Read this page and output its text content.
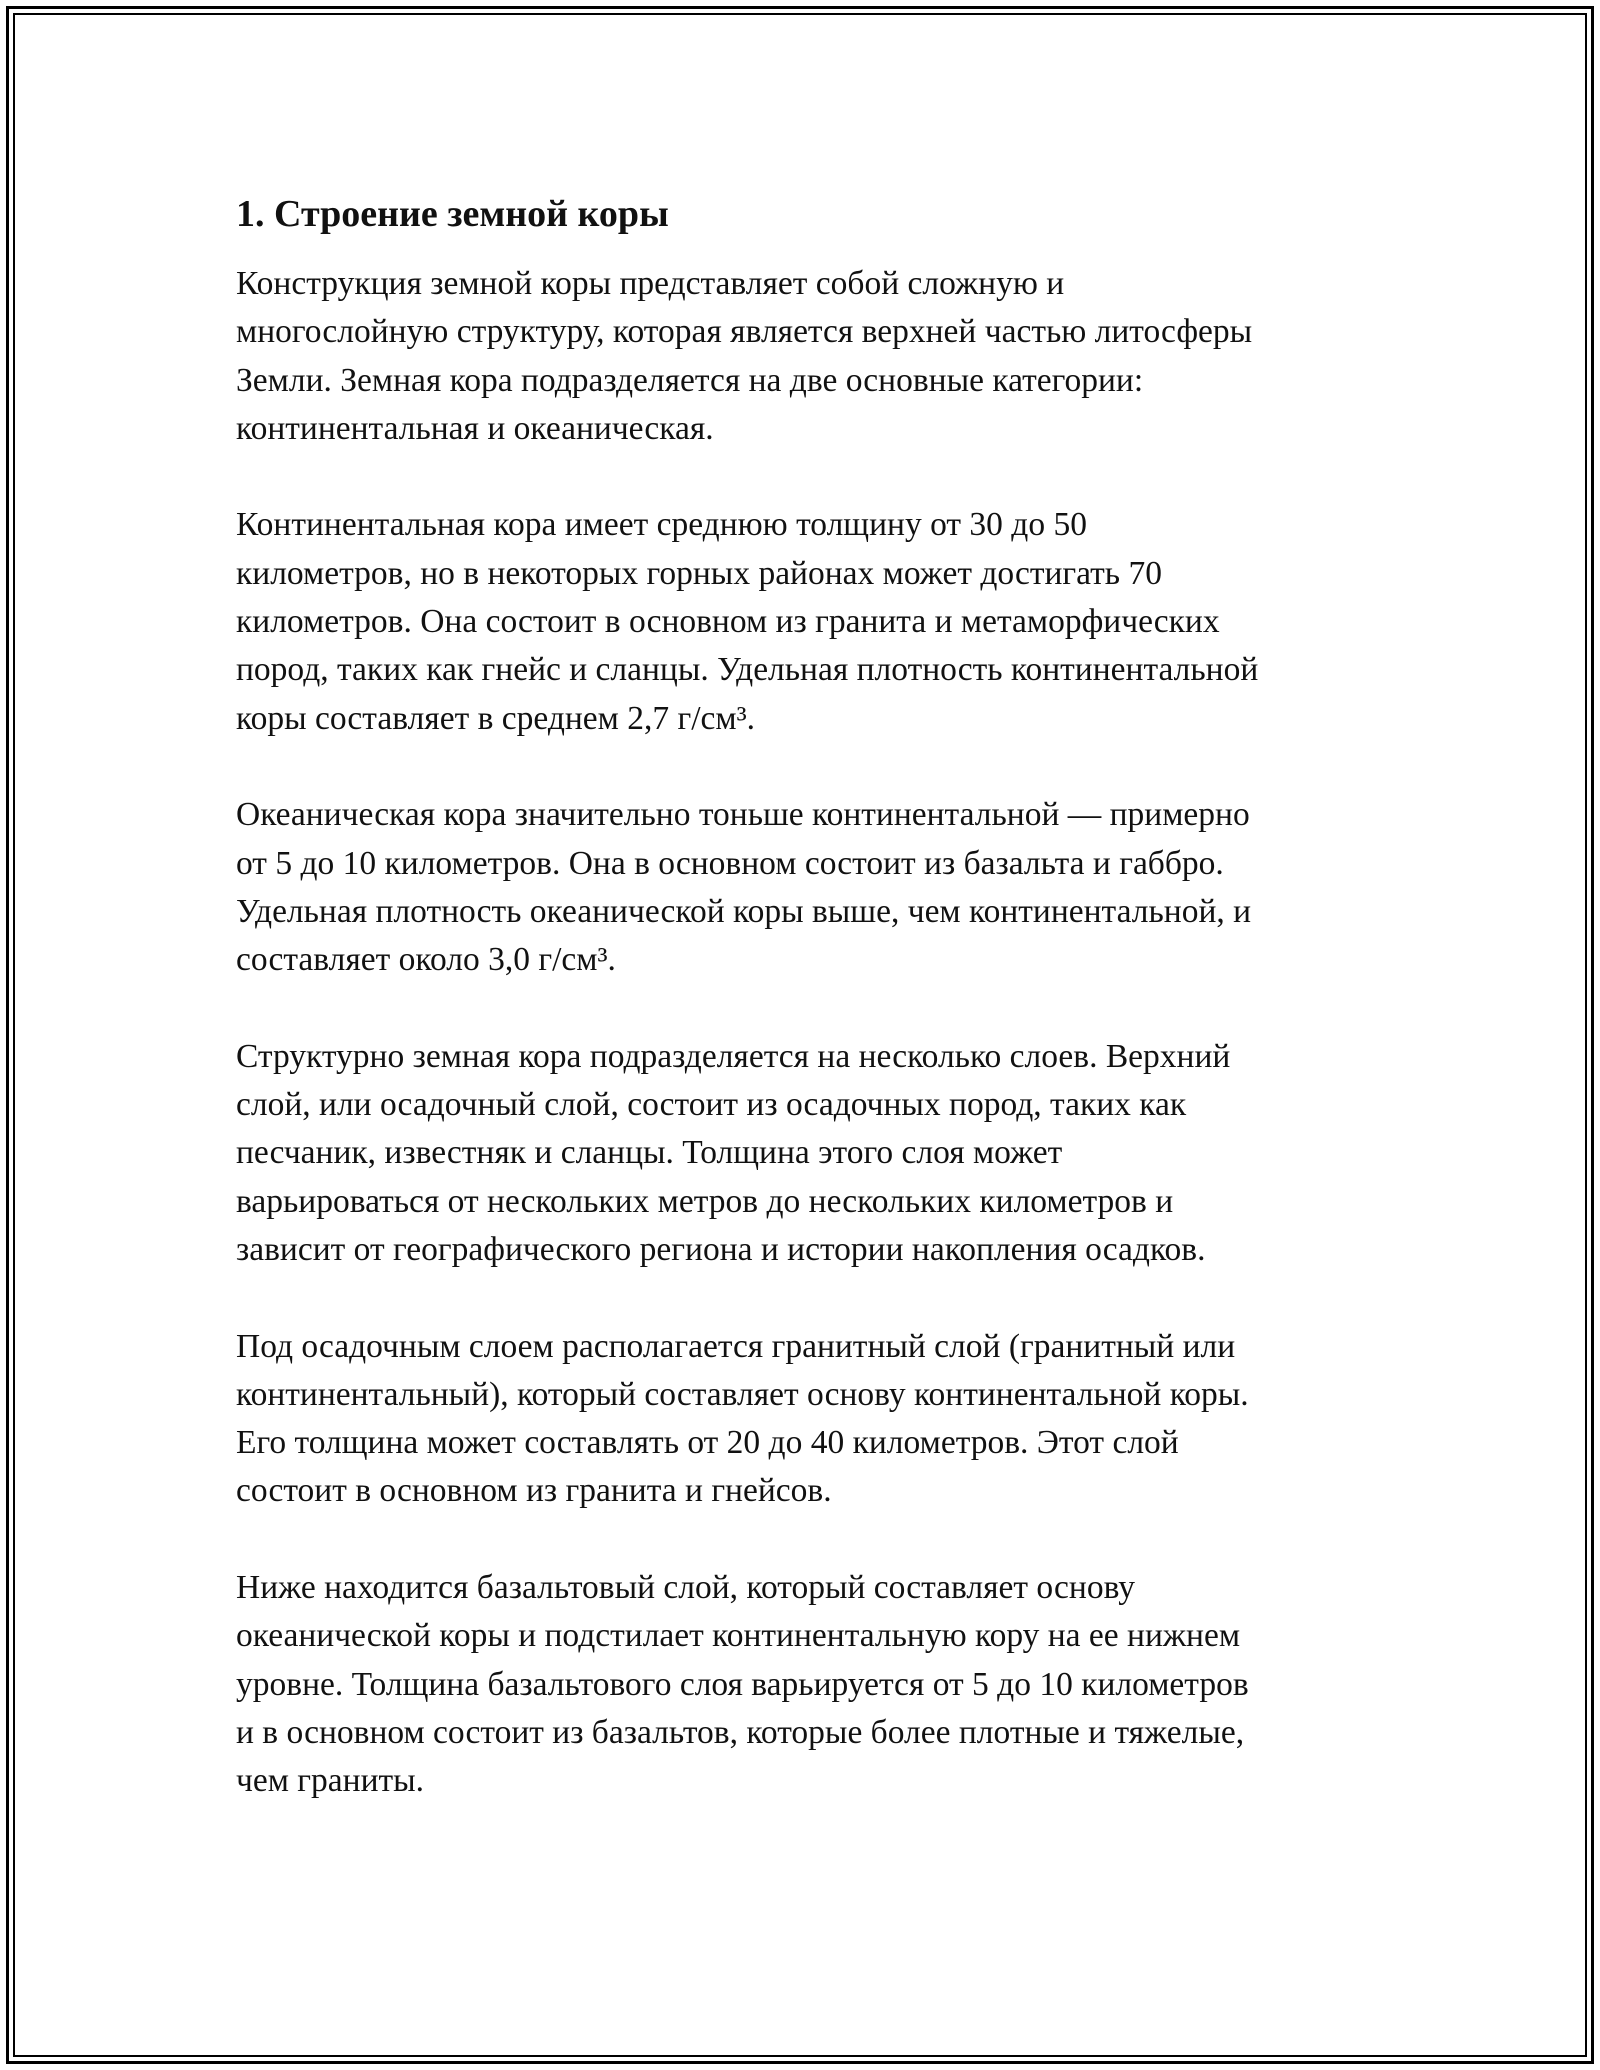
1. Строение земной коры

Конструкция земной коры представляет собой сложную и
многослойную структуру, которая является верхней частью литосферы
Земли. Земная кора подразделяется на две основные категории:
континентальная и океаническая.

Континентальная кора имеет среднюю толщину от 30 до 50
километров, но в некоторых горных районах может достигать 70
километров. Она состоит в основном из гранита и метаморфических
пород, таких как гнейс и сланцы. Удельная плотность континентальной
коры составляет в среднем 2,7 г/см³.

Океаническая кора значительно тоньше континентальной — примерно
от 5 до 10 километров. Она в основном состоит из базальта и габбро.
Удельная плотность океанической коры выше, чем континентальной, и
составляет около 3,0 г/см³.

Структурно земная кора подразделяется на несколько слоев. Верхний
слой, или осадочный слой, состоит из осадочных пород, таких как
песчаник, известняк и сланцы. Толщина этого слоя может
варьироваться от нескольких метров до нескольких километров и
зависит от географического региона и истории накопления осадков.

Под осадочным слоем располагается гранитный слой (гранитный или
континентальный), который составляет основу континентальной коры.
Его толщина может составлять от 20 до 40 километров. Этот слой
состоит в основном из гранита и гнейсов.

Ниже находится базальтовый слой, который составляет основу
океанической коры и подстилает континентальную кору на ее нижнем
уровне. Толщина базальтового слоя варьируется от 5 до 10 километров
и в основном состоит из базальтов, которые более плотные и тяжелые,
чем граниты.
